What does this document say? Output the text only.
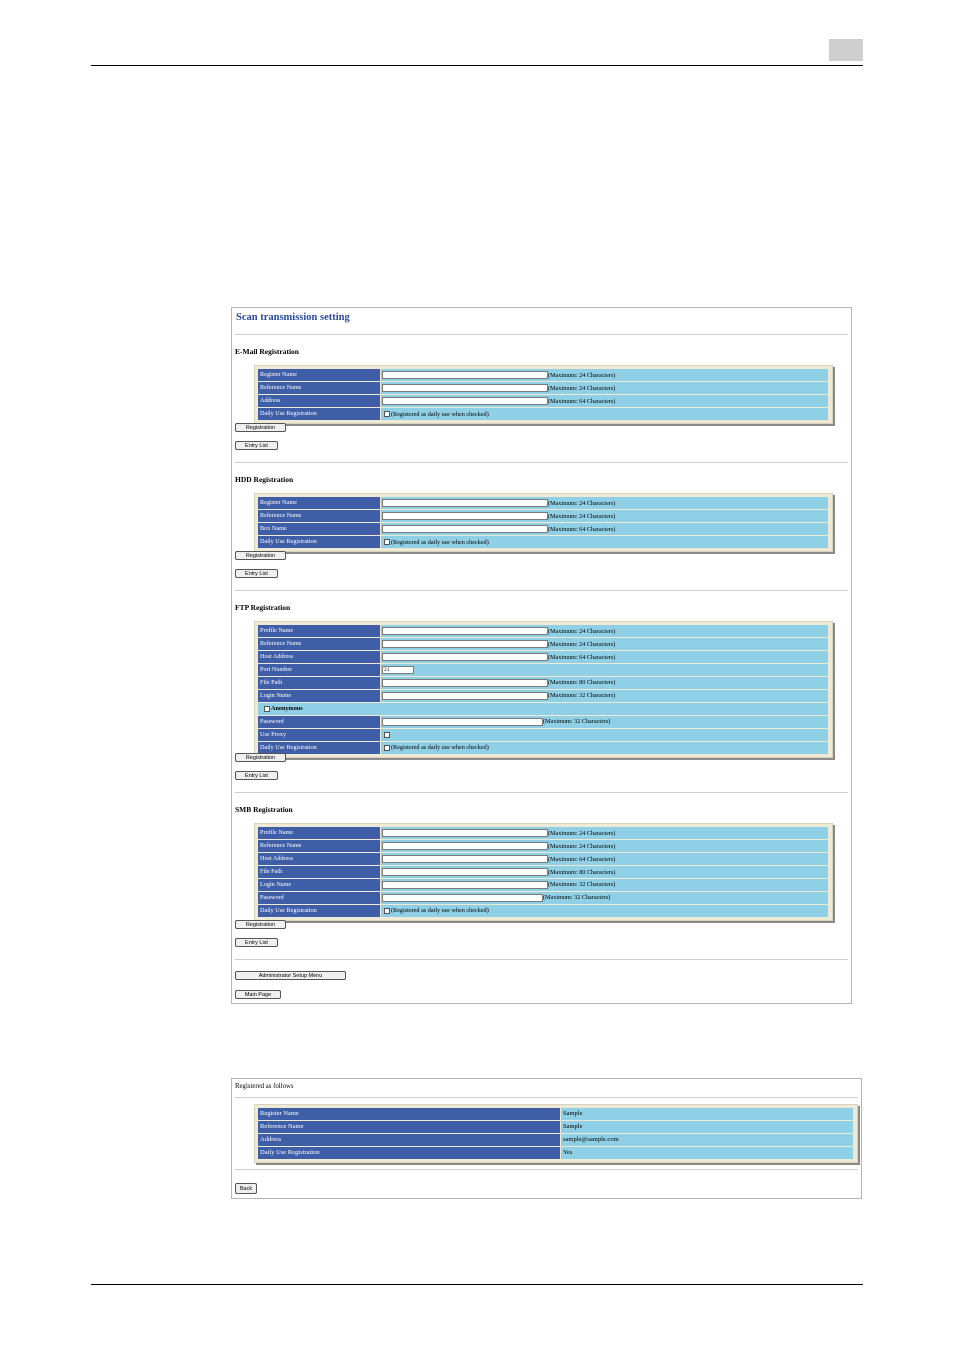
Scan transmission setting
E-Mail Registration
Register Name	(Maximum: 24 Characters)
Reference Name	(Maximum: 24 Characters)
Address	(Maximum: 64 Characters)
Daily Use Registration	(Registered as daily use when checked)
Registration
Entry List
HDD Registration
Register Name	(Maximum: 24 Characters)
Reference Name	(Maximum: 24 Characters)
Box Name	(Maximum: 64 Characters)
Daily Use Registration	(Registered as daily use when checked)
Registration
Entry List
FTP Registration
Profile Name	(Maximum: 24 Characters)
Reference Name	(Maximum: 24 Characters)
Host Address	(Maximum: 64 Characters)
Port Number	21
File Path	(Maximum: 80 Characters)
Login Name	(Maximum: 32 Characters)
Anonymous
Password	(Maximum: 32 Characters)
Use Proxy
Daily Use Registration	(Registered as daily use when checked)
Registration
Entry List
SMB Registration
Profile Name	(Maximum: 24 Characters)
Reference Name	(Maximum: 24 Characters)
Host Address	(Maximum: 64 Characters)
File Path	(Maximum: 80 Characters)
Login Name	(Maximum: 32 Characters)
Password	(Maximum: 32 Characters)
Daily Use Registration	(Registered as daily use when checked)
Registration
Entry List
Administrator Setup Menu
Main Page
Registered as follows
Register Name	Sample
Reference Name	Sample
Address	sample@sample.com
Daily Use Registration	Yes
Back
